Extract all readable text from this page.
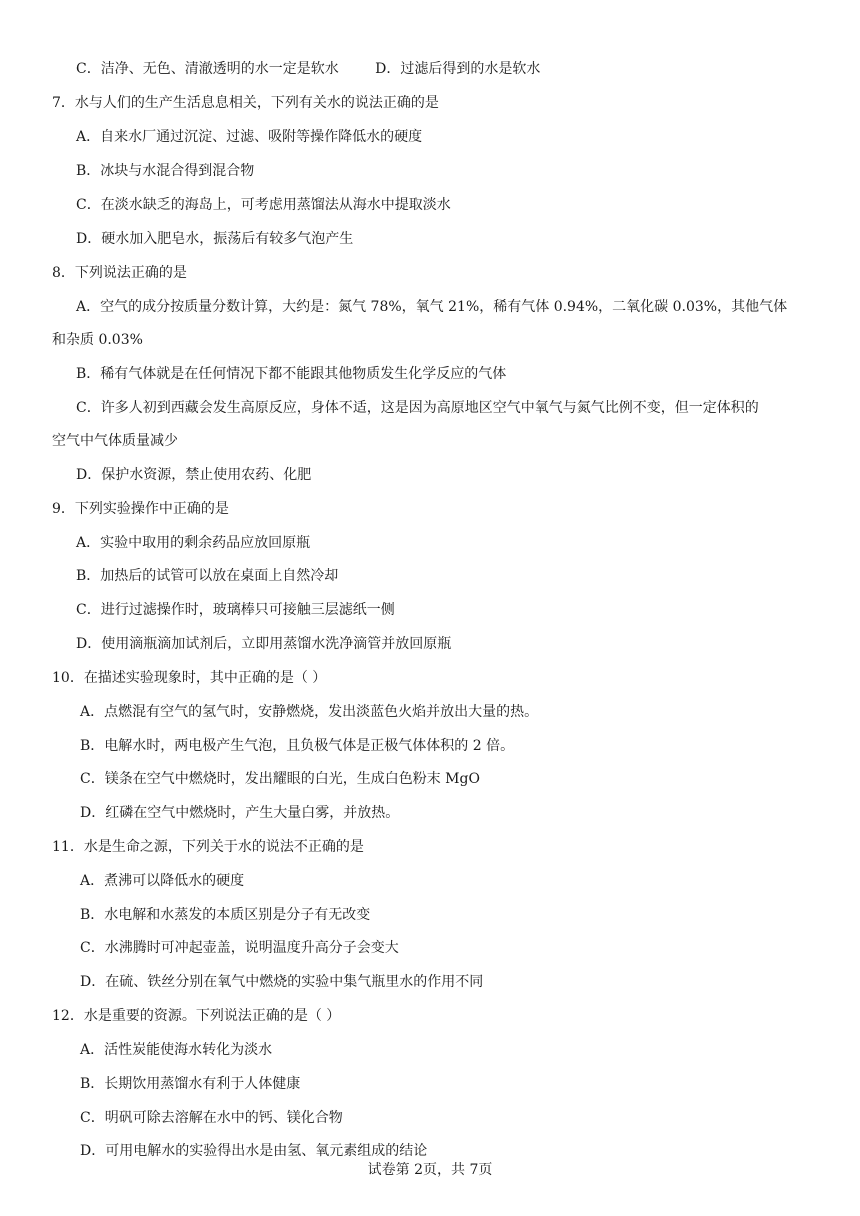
C．洁净、无色、清澈透明的水一定是软水	D．过滤后得到的水是软水
7．水与人们的生产生活息息相关，下列有关水的说法正确的是
A．自来水厂通过沉淀、过滤、吸附等操作降低水的硬度
B．冰块与水混合得到混合物
C．在淡水缺乏的海岛上，可考虑用蒸馏法从海水中提取淡水
D．硬水加入肥皂水，振荡后有较多气泡产生
8．下列说法正确的是
A．空气的成分按质量分数计算，大约是：氮气 78%，氧气 21%，稀有气体 0.94%，二氧化碳 0.03%，其他气体
和杂质 0.03%
B．稀有气体就是在任何情况下都不能跟其他物质发生化学反应的气体
C．许多人初到西藏会发生高原反应，身体不适，这是因为高原地区空气中氧气与氮气比例不变，但一定体积的
空气中气体质量减少
D．保护水资源，禁止使用农药、化肥
9．下列实验操作中正确的是
A．实验中取用的剩余药品应放回原瓶
B．加热后的试管可以放在桌面上自然冷却
C．进行过滤操作时，玻璃棒只可接触三层滤纸一侧
D．使用滴瓶滴加试剂后，立即用蒸馏水洗净滴管并放回原瓶
10．在描述实验现象时，其中正确的是（ ）
A．点燃混有空气的氢气时，安静燃烧，发出淡蓝色火焰并放出大量的热。
B．电解水时，两电极产生气泡，且负极气体是正极气体体积的 2 倍。
C．镁条在空气中燃烧时，发出耀眼的白光，生成白色粉末 MgO
D．红磷在空气中燃烧时，产生大量白雾，并放热。
11．水是生命之源，下列关于水的说法不正确的是
A．煮沸可以降低水的硬度
B．水电解和水蒸发的本质区别是分子有无改变
C．水沸腾时可冲起壶盖，说明温度升高分子会变大
D．在硫、铁丝分别在氧气中燃烧的实验中集气瓶里水的作用不同
12．水是重要的资源。下列说法正确的是（ ）
A．活性炭能使海水转化为淡水
B．长期饮用蒸馏水有利于人体健康
C．明矾可除去溶解在水中的钙、镁化合物
D．可用电解水的实验得出水是由氢、氧元素组成的结论
试卷第 2页，共 7页
